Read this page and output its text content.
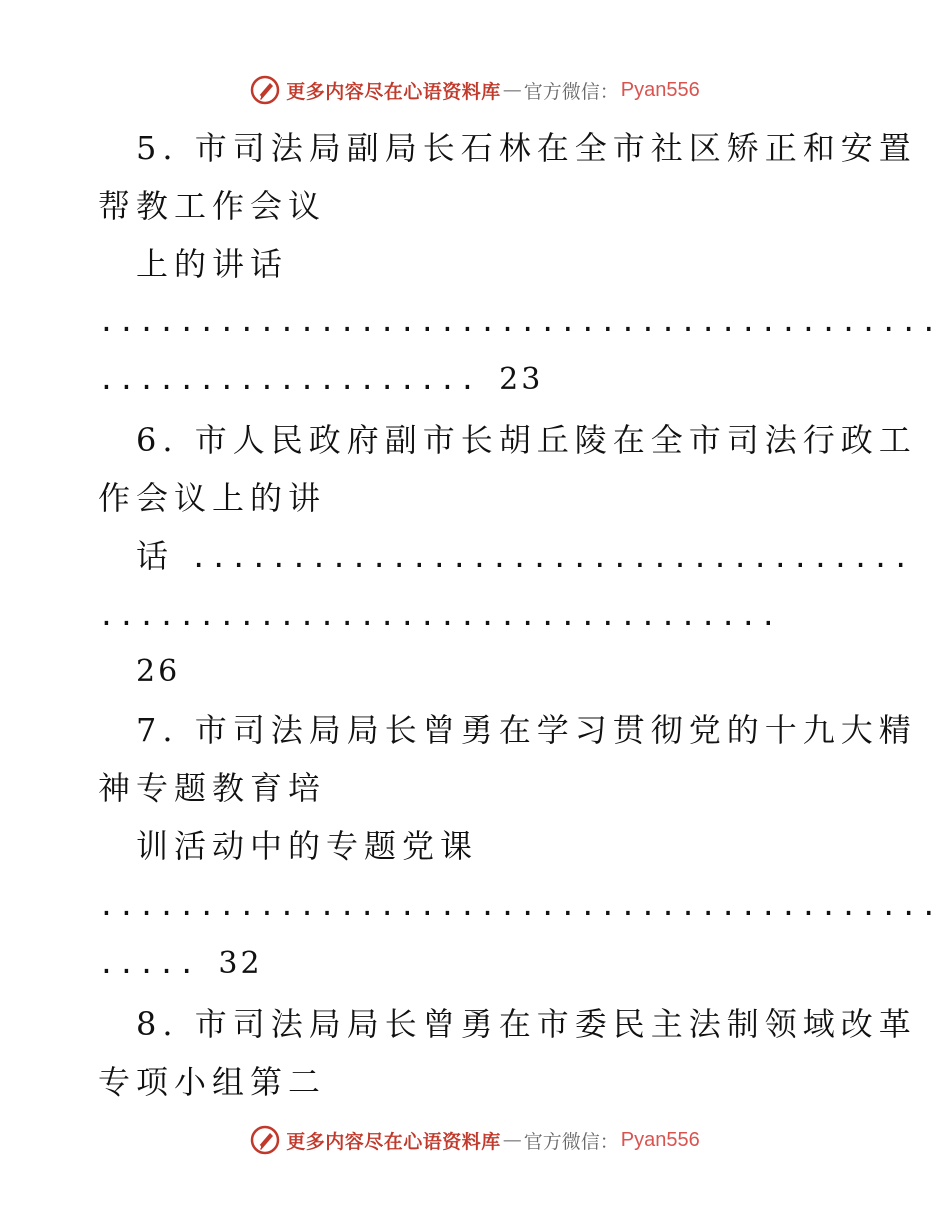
更多内容尽在心语资料库 — 官方微信： Pyan556
5. 市司法局副局长石林在全市社区矫正和安置
帮教工作会议
上的讲话
..........................................
................... 23
6. 市人民政府副市长胡丘陵在全市司法行政工
作会议上的讲
话 ....................................
..................................
26
7. 市司法局局长曾勇在学习贯彻党的十九大精
神专题教育培
训活动中的专题党课
..........................................
..... 32
8. 市司法局局长曾勇在市委民主法制领域改革
专项小组第二
更多内容尽在心语资料库 — 官方微信： Pyan556
